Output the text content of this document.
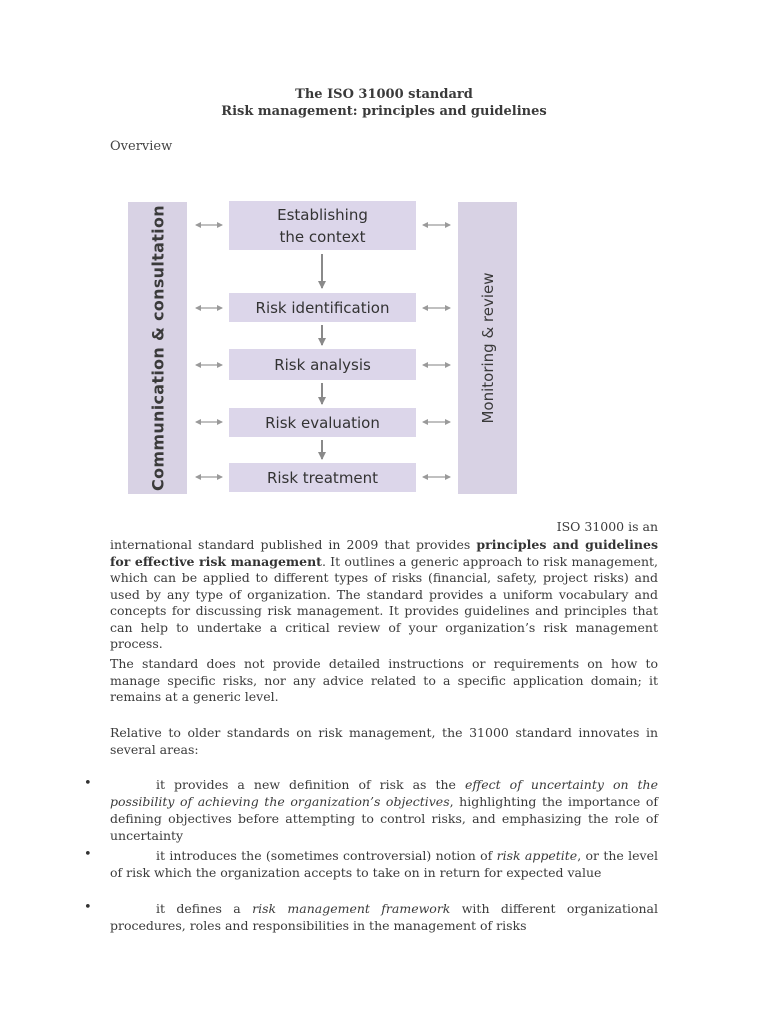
The ISO 31000 standard
Risk management: principles and guidelines
Overview
Communication & consultation	Monitoring & review
Establishing the context
Risk identification
Risk analysis
Risk evaluation
Risk treatment
ISO 31000 is an
international standard published in 2009 that provides principles and guidelines for effective risk management. It outlines a generic approach to risk management, which can be applied to different types of risks (financial, safety, project risks) and used by any type of organization. The standard provides a uniform vocabulary and concepts for discussing risk management. It provides guidelines and principles that can help to undertake a critical review of your organization’s risk management process.
The standard does not provide detailed instructions or requirements on how to manage specific risks, nor any advice related to a specific application domain; it remains at a generic level.
Relative to older standards on risk management, the 31000 standard innovates in several areas:
•	it provides a new definition of risk as the effect of uncertainty on the possibility of achieving the organization’s objectives, highlighting the importance of defining objectives before attempting to control risks, and emphasizing the role of uncertainty
•	it introduces the (sometimes controversial) notion of risk appetite, or the level of risk which the organization accepts to take on in return for expected value
•	it defines a risk management framework with different organizational procedures, roles and responsibilities in the management of risks
